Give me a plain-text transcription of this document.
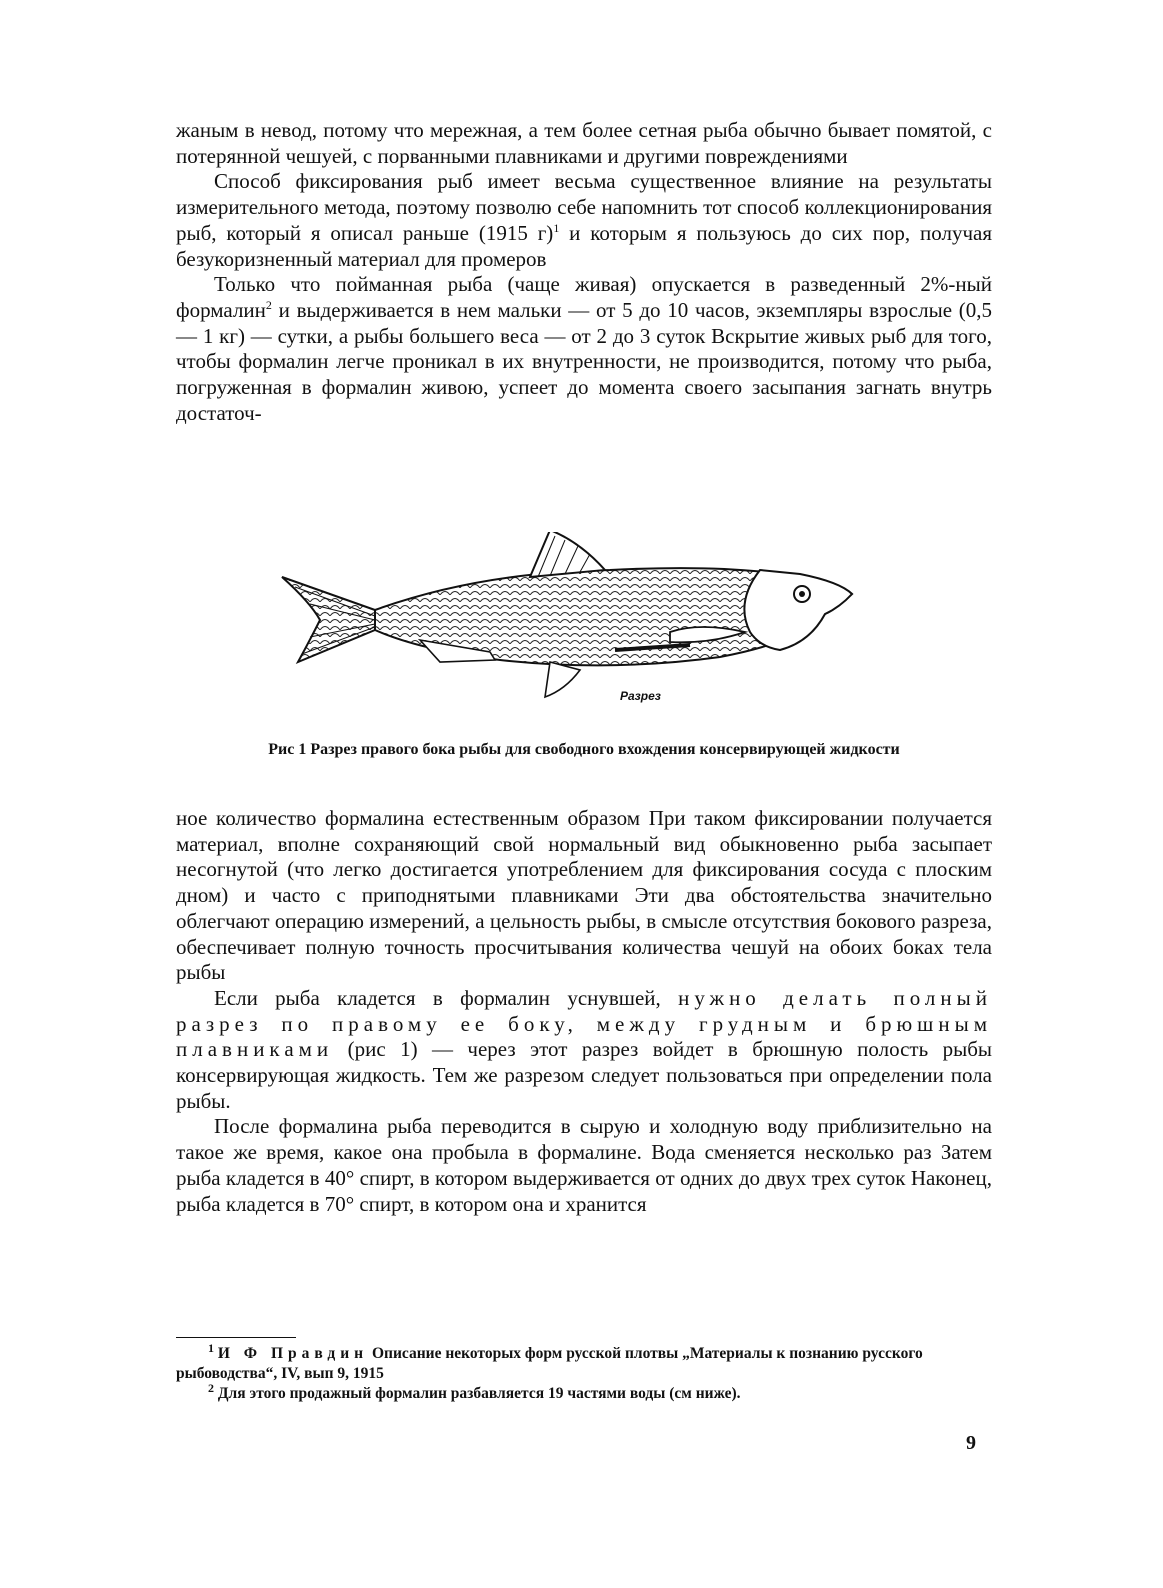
жаным в невод, потому что мережная, а тем более сетная рыба обычно бывает помятой, с потерянной чешуей, с порванными плавниками и другими повреждениями

Способ фиксирования рыб имеет весьма существенное влияние на результаты измерительного метода, поэтому позволю себе напомнить тот способ коллекционирования рыб, который я описал раньше (1915 г)$^1$ и которым я пользуюсь до сих пор, получая безукоризненный материал для промеров

Только что пойманная рыба (чаще живая) опускается в разведенный 2%-ный формалин$^2$ и выдерживается в нем мальки — от 5 до 10 часов, экземпляры взрослые (0,5 — 1 кг) — сутки, а рыбы большего веса — от 2 до 3 суток Вскрытие живых рыб для того, чтобы формалин легче проникал в их внутренности, не производится, потому что рыба, погруженная в формалин живою, успеет до момента своего засыпания загнать внутрь достаточ-

Разрез
Рис 1 Разрез правого бока рыбы для свободного вхождения консервирующей жидкости

ное количество формалина естественным образом При таком фиксировании получается материал, вполне сохраняющий свой нормальный вид обыкновенно рыба засыпает несогнутой (что легко достигается употреблением для фиксирования сосуда с плоским дном) и часто с приподнятыми плавниками Эти два обстоятельства значительно облегчают операцию измерений, а цельность рыбы, в смысле отсутствия бокового разреза, обеспечивает полную точность просчитывания количества чешуй на обоих боках тела рыбы

Если рыба кладется в формалин уснувшей, нужно делать полный разрез по правому ее боку, между грудным и брюшным плавниками (рис 1) — через этот разрез войдет в брюшную полость рыбы консервирующая жидкость. Тем же разрезом следует пользоваться при определении пола рыбы.

После формалина рыба переводится в сырую и холодную воду приблизительно на такое же время, какое она пробыла в формалине. Вода сменяется несколько раз Затем рыба кладется в 40° спирт, в котором выдерживается от одних до двух трех суток Наконец, рыба кладется в 70° спирт, в котором она и хранится

$^1$ И Ф Правдин Описание некоторых форм русской плотвы „Материалы к познанию русского рыбоводства“, IV, вып 9, 1915

$^2$ Для этого продажный формалин разбавляется 19 частями воды (см ниже).

9
